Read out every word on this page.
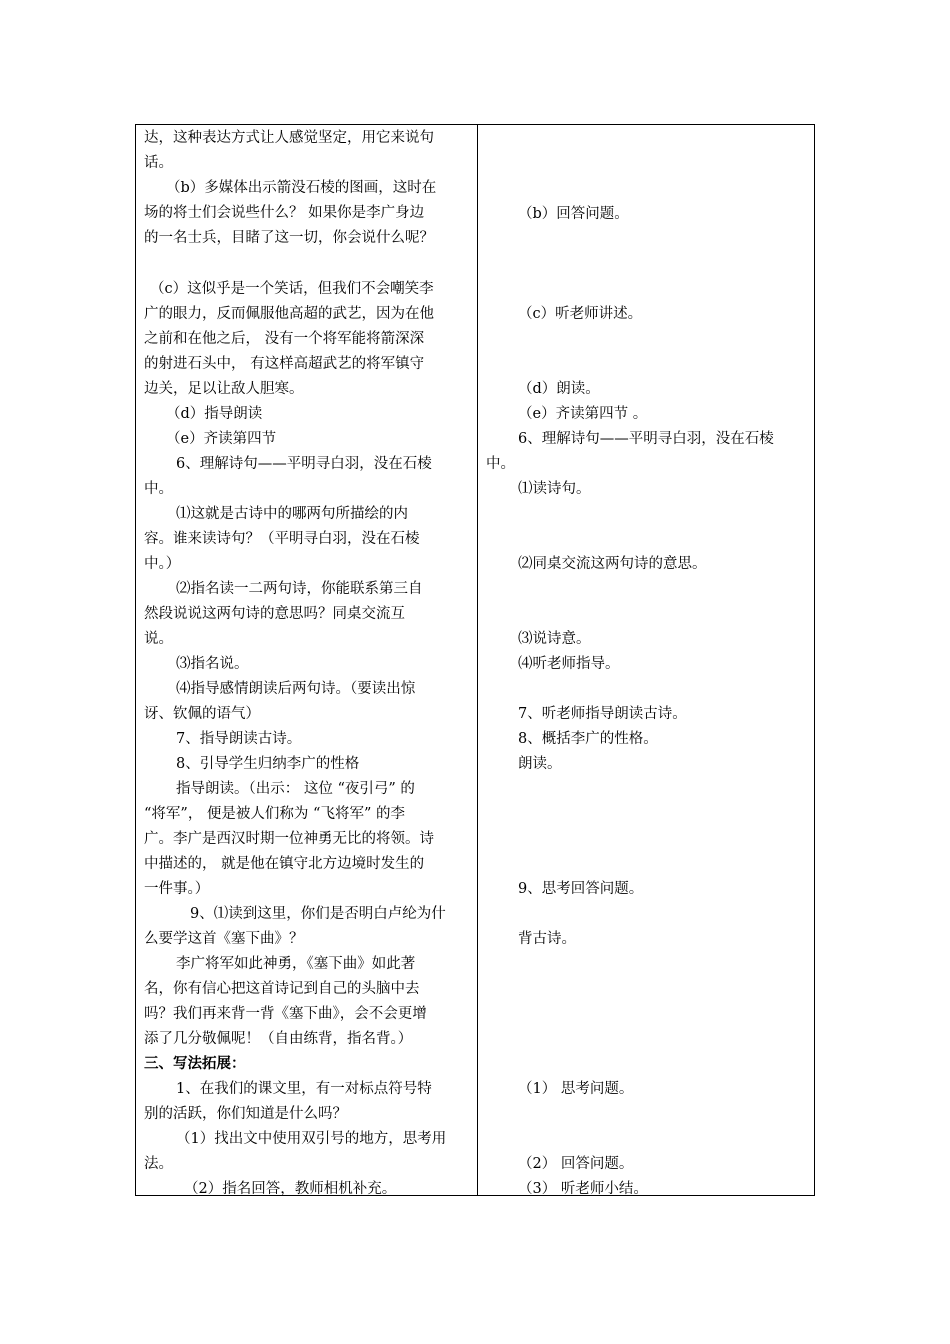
达，这种表达方式让人感觉坚定，用它来说句
话。
（b）多媒体出示箭没石棱的图画，这时在
场的将士们会说些什么？ 如果你是李广身边
的一名士兵，目睹了这一切，你会说什么呢？
（c）这似乎是一个笑话，但我们不会嘲笑李
广的眼力，反而佩服他高超的武艺，因为在他
之前和在他之后， 没有一个将军能将箭深深
的射进石头中， 有这样高超武艺的将军镇守
边关，足以让敌人胆寒。
（d）指导朗读
（e）齐读第四节
6、理解诗句——平明寻白羽，没在石棱
中。
⑴这就是古诗中的哪两句所描绘的内
容。谁来读诗句？（平明寻白羽，没在石棱
中。）
⑵指名读一二两句诗，你能联系第三自
然段说说这两句诗的意思吗？同桌交流互
说。
⑶指名说。
⑷指导感情朗读后两句诗。（要读出惊
讶、钦佩的语气）
7、指导朗读古诗。
8、引导学生归纳李广的性格
指导朗读。（出示： 这位 “夜引弓” 的
“将军”， 便是被人们称为 “飞将军” 的李
广。李广是西汉时期一位神勇无比的将领。诗
中描述的， 就是他在镇守北方边境时发生的
一件事。）
9、⑴读到这里，你们是否明白卢纶为什
么要学这首《塞下曲》？
李广将军如此神勇，《塞下曲》如此著
名，你有信心把这首诗记到自己的头脑中去
吗？我们再来背一背《塞下曲》，会不会更增
添了几分敬佩呢！（自由练背，指名背。）
三、写法拓展：
1、在我们的课文里，有一对标点符号特
别的活跃，你们知道是什么吗？
（1）找出文中使用双引号的地方，思考用
法。
（2）指名回答，教师相机补充。
（b）回答问题。
（c）听老师讲述。
（d）朗读。
（e）齐读第四节 。
6、理解诗句——平明寻白羽，没在石棱
中。
⑴读诗句。
⑵同桌交流这两句诗的意思。
⑶说诗意。
⑷听老师指导。
7、听老师指导朗读古诗。
8、概括李广的性格。
朗读。
9、思考回答问题。
背古诗。
（1） 思考问题。
（2） 回答问题。
（3） 听老师小结。
